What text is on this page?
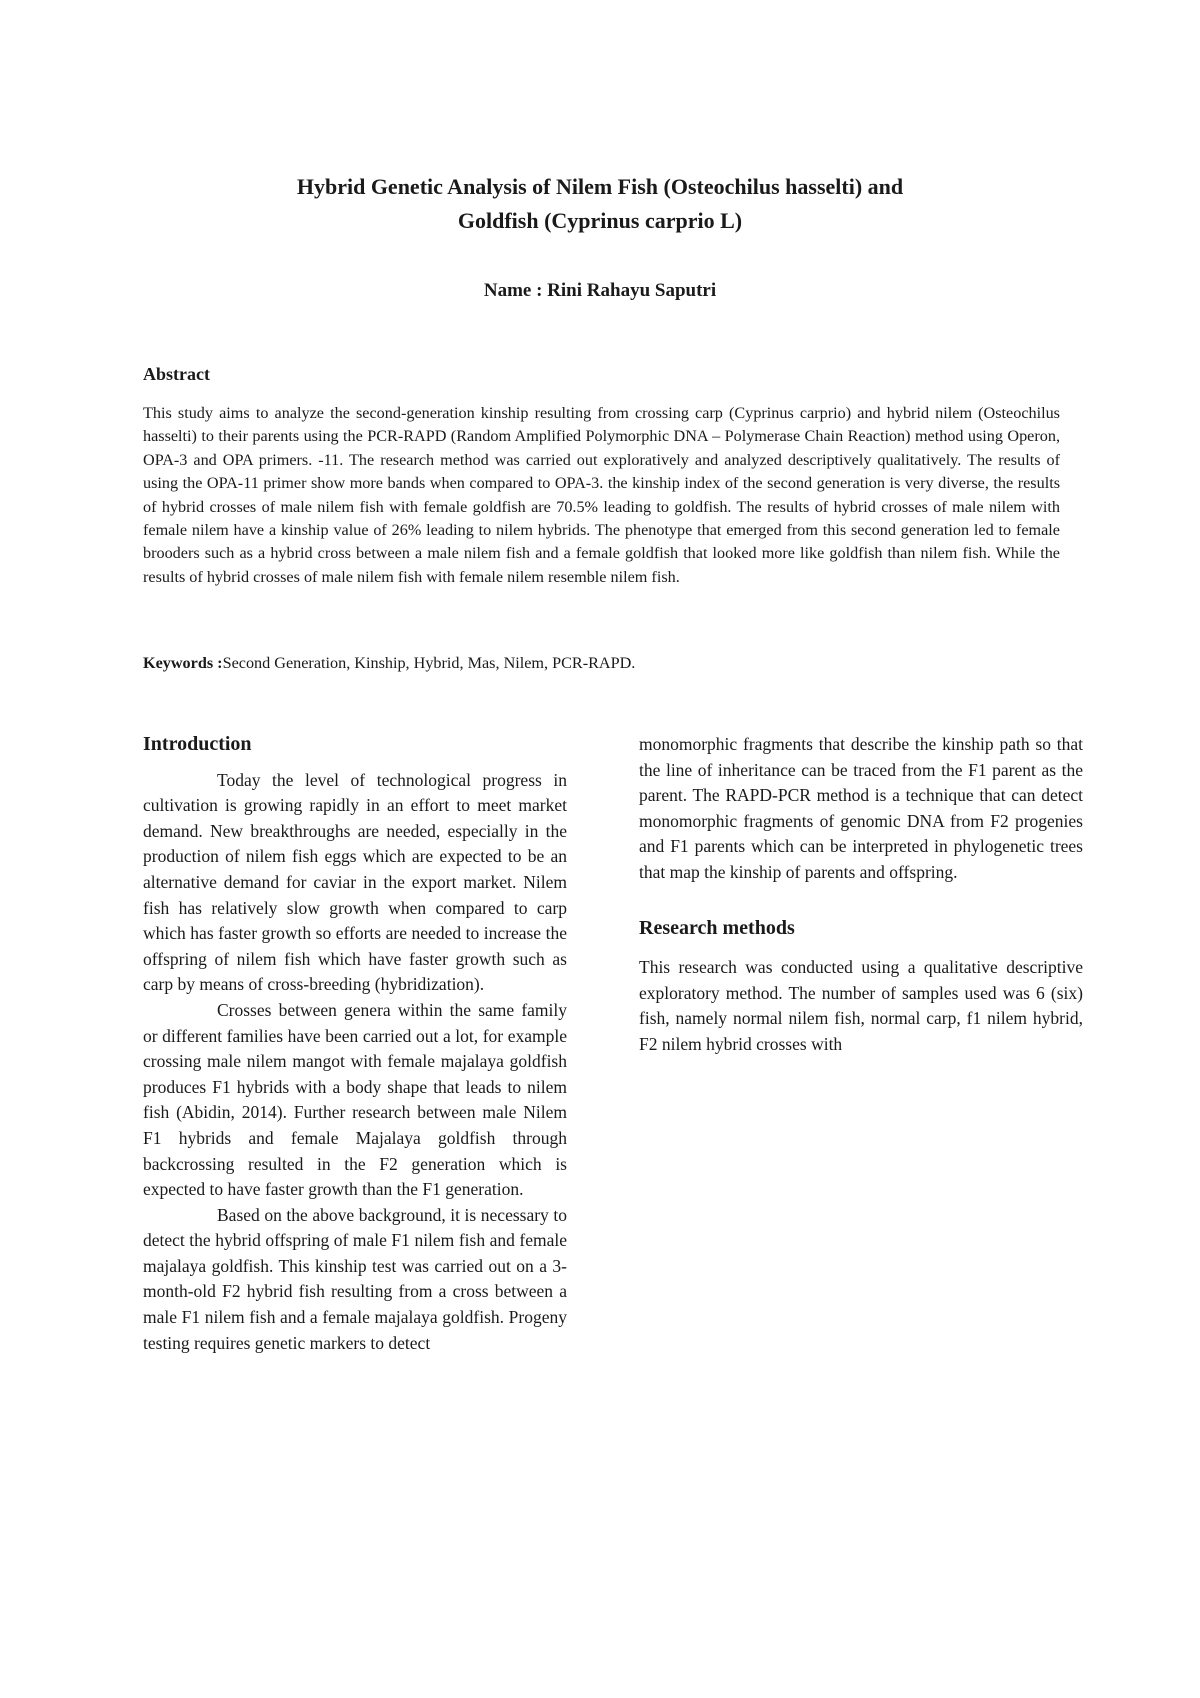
Hybrid Genetic Analysis of Nilem Fish (Osteochilus hasselti) and
Goldfish (Cyprinus carprio L)
Name : Rini Rahayu Saputri
Abstract
This study aims to analyze the second-generation kinship resulting from crossing carp (Cyprinus carprio) and hybrid nilem (Osteochilus hasselti) to their parents using the PCR-RAPD (Random Amplified Polymorphic DNA – Polymerase Chain Reaction) method using Operon, OPA-3 and OPA primers. -11. The research method was carried out exploratively and analyzed descriptively qualitatively. The results of using the OPA-11 primer show more bands when compared to OPA-3. the kinship index of the second generation is very diverse, the results of hybrid crosses of male nilem fish with female goldfish are 70.5% leading to goldfish. The results of hybrid crosses of male nilem with female nilem have a kinship value of 26% leading to nilem hybrids. The phenotype that emerged from this second generation led to female brooders such as a hybrid cross between a male nilem fish and a female goldfish that looked more like goldfish than nilem fish. While the results of hybrid crosses of male nilem fish with female nilem resemble nilem fish.
Keywords :Second Generation, Kinship, Hybrid, Mas, Nilem, PCR-RAPD.
Introduction

Today the level of technological progress in cultivation is growing rapidly in an effort to meet market demand. New breakthroughs are needed, especially in the production of nilem fish eggs which are expected to be an alternative demand for caviar in the export market. Nilem fish has relatively slow growth when compared to carp which has faster growth so efforts are needed to increase the offspring of nilem fish which have faster growth such as carp by means of cross-breeding (hybridization).

Crosses between genera within the same family or different families have been carried out a lot, for example crossing male nilem mangot with female majalaya goldfish produces F1 hybrids with a body shape that leads to nilem fish (Abidin, 2014). Further research between male Nilem F1 hybrids and female Majalaya goldfish through backcrossing resulted in the F2 generation which is expected to have faster growth than the F1 generation.

Based on the above background, it is necessary to detect the hybrid offspring of male F1 nilem fish and female majalaya goldfish. This kinship test was carried out on a 3-month-old F2 hybrid fish resulting from a cross between a male F1 nilem fish and a female majalaya goldfish. Progeny testing requires genetic markers to detect

monomorphic fragments that describe the kinship path so that the line of inheritance can be traced from the F1 parent as the parent. The RAPD-PCR method is a technique that can detect monomorphic fragments of genomic DNA from F2 progenies and F1 parents which can be interpreted in phylogenetic trees that map the kinship of parents and offspring.

Research methods

This research was conducted using a qualitative descriptive exploratory method. The number of samples used was 6 (six) fish, namely normal nilem fish, normal carp, f1 nilem hybrid, F2 nilem hybrid crosses with
